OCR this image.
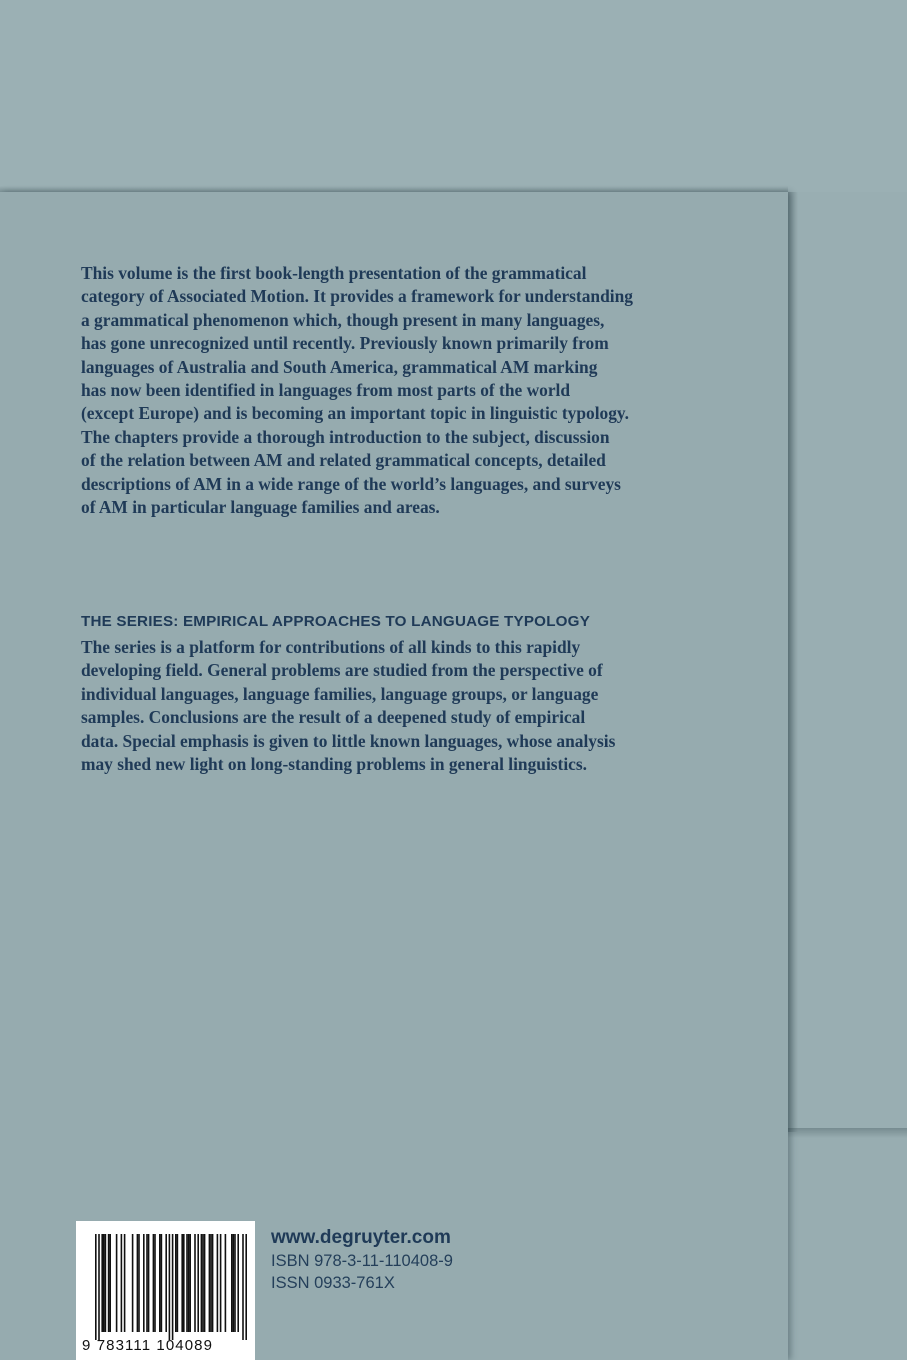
This volume is the first book-length presentation of the grammatical
category of Associated Motion. It provides a framework for understanding
a grammatical phenomenon which, though present in many languages,
has gone unrecognized until recently. Previously known primarily from
languages of Australia and South America, grammatical AM marking
has now been identified in languages from most parts of the world
(except Europe) and is becoming an important topic in linguistic typology.
The chapters provide a thorough introduction to the subject, discussion
of the relation between AM and related grammatical concepts, detailed
descriptions of AM in a wide range of the world’s languages, and surveys
of AM in particular language families and areas.

THE SERIES: EMPIRICAL APPROACHES TO LANGUAGE TYPOLOGY

The series is a platform for contributions of all kinds to this rapidly
developing field. General problems are studied from the perspective of
individual languages, language families, language groups, or language
samples. Conclusions are the result of a deepened study of empirical
data. Special emphasis is given to little known languages, whose analysis
may shed new light on long-standing problems in general linguistics.

9 783111 104089
www.degruyter.com
ISBN 978-3-11-110408-9
ISSN 0933-761X
